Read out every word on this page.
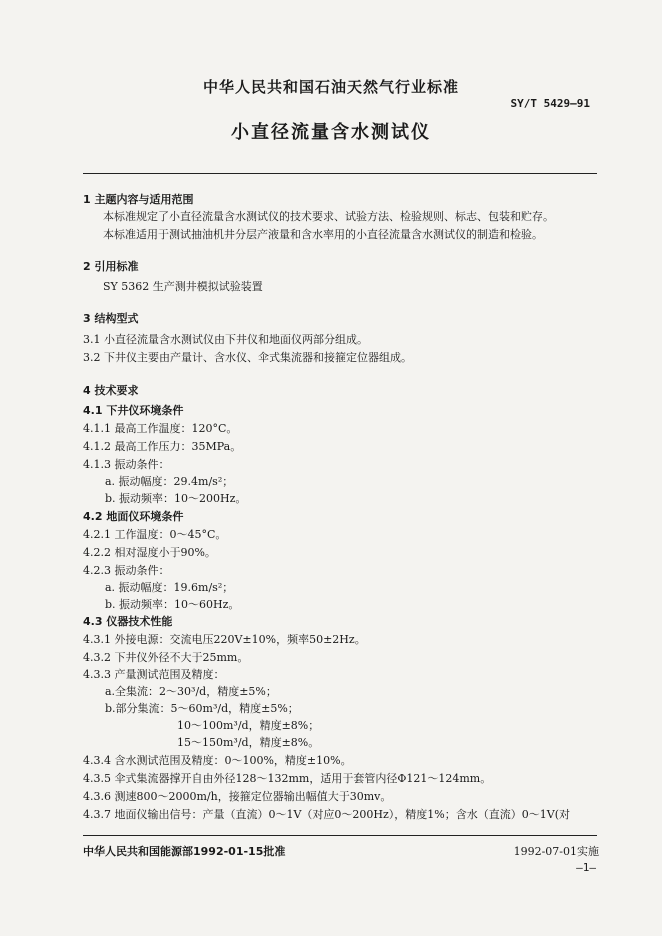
中华人民共和国石油天然气行业标准
SY/T 5429—91
小直径流量含水测试仪
1 主题内容与适用范围
本标准规定了小直径流量含水测试仪的技术要求、试验方法、检验规则、标志、包装和贮存。
本标准适用于测试抽油机井分层产液量和含水率用的小直径流量含水测试仪的制造和检验。
2 引用标准
SY 5362 生产测井模拟试验装置
3 结构型式
3.1 小直径流量含水测试仪由下井仪和地面仪两部分组成。
3.2 下井仪主要由产量计、含水仪、伞式集流器和接箍定位器组成。
4 技术要求
4.1 下井仪环境条件
4.1.1 最高工作温度：120°C。
4.1.2 最高工作压力：35MPa。
4.1.3 振动条件：
a. 振动幅度：29.4m/s²；
b. 振动频率：10～200Hz。
4.2 地面仪环境条件
4.2.1 工作温度：0～45°C。
4.2.2 相对湿度小于90%。
4.2.3 振动条件：
a. 振动幅度：19.6m/s²；
b. 振动频率：10～60Hz。
4.3 仪器技术性能
4.3.1 外接电源：交流电压220V±10%，频率50±2Hz。
4.3.2 下井仪外径不大于25mm。
4.3.3 产量测试范围及精度：
a.全集流：2～30³/d，精度±5%；
b.部分集流：5～60m³/d，精度±5%；
10～100m³/d，精度±8%；
15～150m³/d，精度±8%。
4.3.4 含水测试范围及精度：0～100%，精度±10%。
4.3.5 伞式集流器撑开自由外径128～132mm，适用于套管内径Φ121～124mm。
4.3.6 测速800～2000m/h，接箍定位器输出幅值大于30mv。
4.3.7 地面仪输出信号：产量（直流）0～1V（对应0～200Hz），精度1%；含水（直流）0～1V(对
中华人民共和国能源部1992-01-15批准	1992-07-01实施
—1—
